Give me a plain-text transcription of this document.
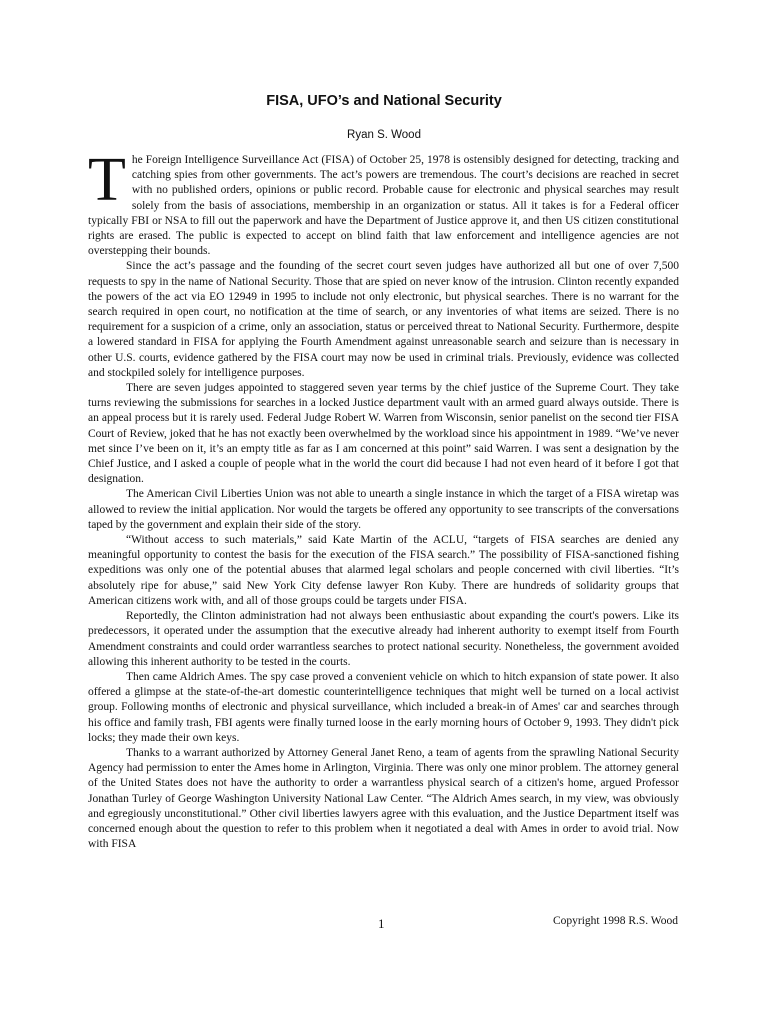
FISA, UFO’s and National Security
Ryan S. Wood

The Foreign Intelligence Surveillance Act (FISA) of October 25, 1978 is ostensibly designed for detecting, tracking and catching spies from other governments. The act’s powers are tremendous. The court’s decisions are reached in secret with no published orders, opinions or public record. Probable cause for electronic and physical searches may result solely from the basis of associations, membership in an organization or status. All it takes is for a Federal officer typically FBI or NSA to fill out the paperwork and have the Department of Justice approve it, and then US citizen constitutional rights are erased. The public is expected to accept on blind faith that law enforcement and intelligence agencies are not overstepping their bounds.

Since the act’s passage and the founding of the secret court seven judges have authorized all but one of over 7,500 requests to spy in the name of National Security. Those that are spied on never know of the intrusion. Clinton recently expanded the powers of the act via EO 12949 in 1995 to include not only electronic, but physical searches. There is no warrant for the search required in open court, no notification at the time of search, or any inventories of what items are seized. There is no requirement for a suspicion of a crime, only an association, status or perceived threat to National Security. Furthermore, despite a lowered standard in FISA for applying the Fourth Amendment against unreasonable search and seizure than is necessary in other U.S. courts, evidence gathered by the FISA court may now be used in criminal trials. Previously, evidence was collected and stockpiled solely for intelligence purposes.

There are seven judges appointed to staggered seven year terms by the chief justice of the Supreme Court. They take turns reviewing the submissions for searches in a locked Justice department vault with an armed guard always outside. There is an appeal process but it is rarely used. Federal Judge Robert W. Warren from Wisconsin, senior panelist on the second tier FISA Court of Review, joked that he has not exactly been overwhelmed by the workload since his appointment in 1989. “We’ve never met since I’ve been on it, it’s an empty title as far as I am concerned at this point” said Warren. I was sent a designation by the Chief Justice, and I asked a couple of people what in the world the court did because I had not even heard of it before I got that designation.

The American Civil Liberties Union was not able to unearth a single instance in which the target of a FISA wiretap was allowed to review the initial application. Nor would the targets be offered any opportunity to see transcripts of the conversations taped by the government and explain their side of the story.

“Without access to such materials,” said Kate Martin of the ACLU, “targets of FISA searches are denied any meaningful opportunity to contest the basis for the execution of the FISA search.” The possibility of FISA-sanctioned fishing expeditions was only one of the potential abuses that alarmed legal scholars and people concerned with civil liberties. “It’s absolutely ripe for abuse,” said New York City defense lawyer Ron Kuby. There are hundreds of solidarity groups that American citizens work with, and all of those groups could be targets under FISA.

Reportedly, the Clinton administration had not always been enthusiastic about expanding the court's powers. Like its predecessors, it operated under the assumption that the executive already had inherent authority to exempt itself from Fourth Amendment constraints and could order warrantless searches to protect national security. Nonetheless, the government avoided allowing this inherent authority to be tested in the courts.

Then came Aldrich Ames. The spy case proved a convenient vehicle on which to hitch expansion of state power. It also offered a glimpse at the state-of-the-art domestic counterintelligence techniques that might well be turned on a local activist group. Following months of electronic and physical surveillance, which included a break-in of Ames' car and searches through his office and family trash, FBI agents were finally turned loose in the early morning hours of October 9, 1993. They didn't pick locks; they made their own keys.

Thanks to a warrant authorized by Attorney General Janet Reno, a team of agents from the sprawling National Security Agency had permission to enter the Ames home in Arlington, Virginia. There was only one minor problem. The attorney general of the United States does not have the authority to order a warrantless physical search of a citizen's home, argued Professor Jonathan Turley of George Washington University National Law Center. “The Aldrich Ames search, in my view, was obviously and egregiously unconstitutional.” Other civil liberties lawyers agree with this evaluation, and the Justice Department itself was concerned enough about the question to refer to this problem when it negotiated a deal with Ames in order to avoid trial. Now with FISA

1	Copyright 1998 R.S. Wood
